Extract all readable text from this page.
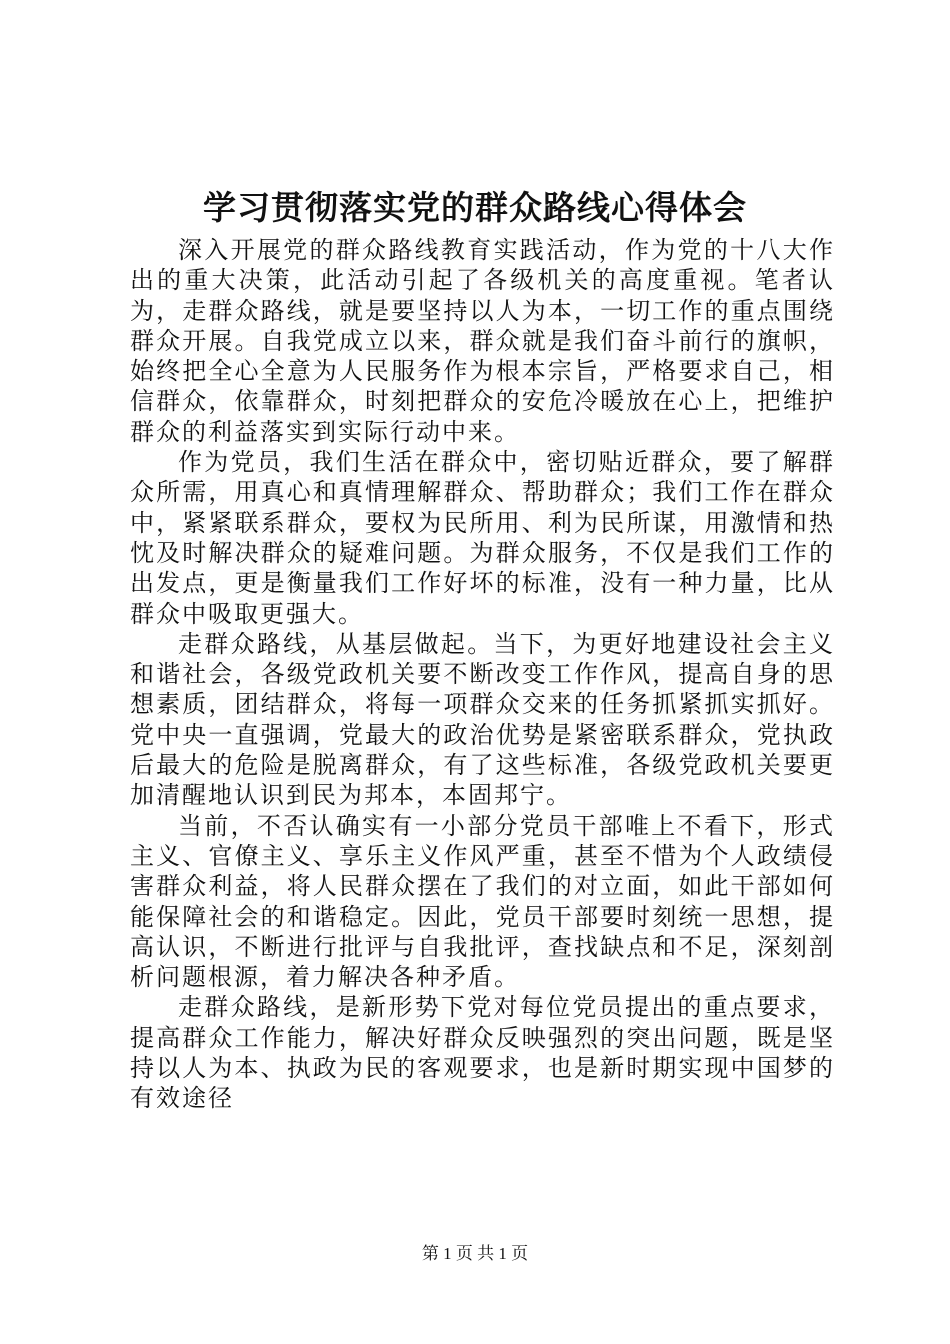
学习贯彻落实党的群众路线心得体会

深入开展党的群众路线教育实践活动，作为党的十八大作出的重大决策，此活动引起了各级机关的高度重视。笔者认为，走群众路线，就是要坚持以人为本，一切工作的重点围绕群众开展。自我党成立以来，群众就是我们奋斗前行的旗帜，始终把全心全意为人民服务作为根本宗旨，严格要求自己，相信群众，依靠群众，时刻把群众的安危冷暖放在心上，把维护群众的利益落实到实际行动中来。

作为党员，我们生活在群众中，密切贴近群众，要了解群众所需，用真心和真情理解群众、帮助群众；我们工作在群众中，紧紧联系群众，要权为民所用、利为民所谋，用激情和热忱及时解决群众的疑难问题。为群众服务，不仅是我们工作的出发点，更是衡量我们工作好坏的标准，没有一种力量，比从群众中吸取更强大。

走群众路线，从基层做起。当下，为更好地建设社会主义和谐社会，各级党政机关要不断改变工作作风，提高自身的思想素质，团结群众，将每一项群众交来的任务抓紧抓实抓好。党中央一直强调，党最大的政治优势是紧密联系群众，党执政后最大的危险是脱离群众，有了这些标准，各级党政机关要更加清醒地认识到民为邦本，本固邦宁。

当前，不否认确实有一小部分党员干部唯上不看下，形式主义、官僚主义、享乐主义作风严重，甚至不惜为个人政绩侵害群众利益，将人民群众摆在了我们的对立面，如此干部如何能保障社会的和谐稳定。因此，党员干部要时刻统一思想，提高认识，不断进行批评与自我批评，查找缺点和不足，深刻剖析问题根源，着力解决各种矛盾。

走群众路线，是新形势下党对每位党员提出的重点要求，提高群众工作能力，解决好群众反映强烈的突出问题，既是坚持以人为本、执政为民的客观要求，也是新时期实现中国梦的有效途径

第 1 页 共 1 页
